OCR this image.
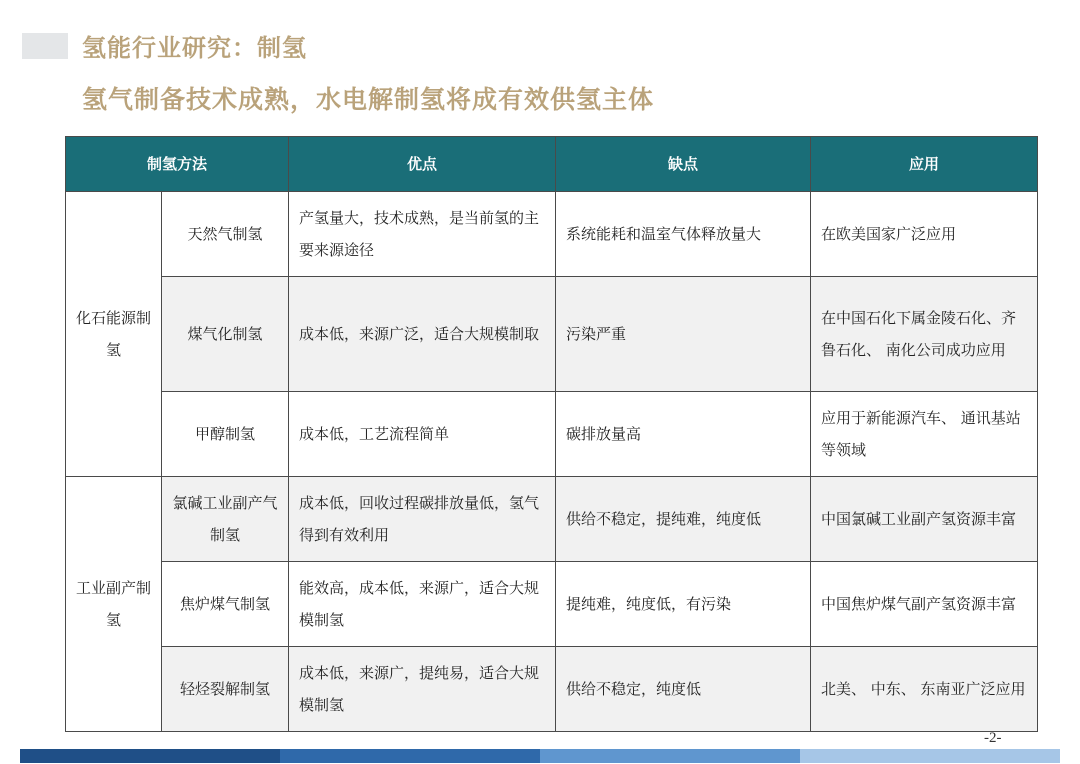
氢能行业研究：制氢
氢气制备技术成熟，水电解制氢将成有效供氢主体
制氢方法		优点	缺点	应用
化石能源制氢	天然气制氢	产氢量大，技术成熟，是当前氢的主要来源途径	系统能耗和温室气体释放量大	在欧美国家广泛应用
	煤气化制氢	成本低，来源广泛，适合大规模制取	污染严重	在中国石化下属金陵石化、齐鲁石化、 南化公司成功应用
	甲醇制氢	成本低，工艺流程简单	碳排放量高	应用于新能源汽车、 通讯基站等领域
工业副产制氢	氯碱工业副产气制氢	成本低，回收过程碳排放量低，氢气得到有效利用	供给不稳定，提纯难，纯度低	中国氯碱工业副产氢资源丰富
	焦炉煤气制氢	能效高，成本低，来源广，适合大规模制氢	提纯难，纯度低，有污染	中国焦炉煤气副产氢资源丰富
	轻烃裂解制氢	成本低，来源广，提纯易，适合大规模制氢	供给不稳定，纯度低	北美、 中东、 东南亚广泛应用
-2-
